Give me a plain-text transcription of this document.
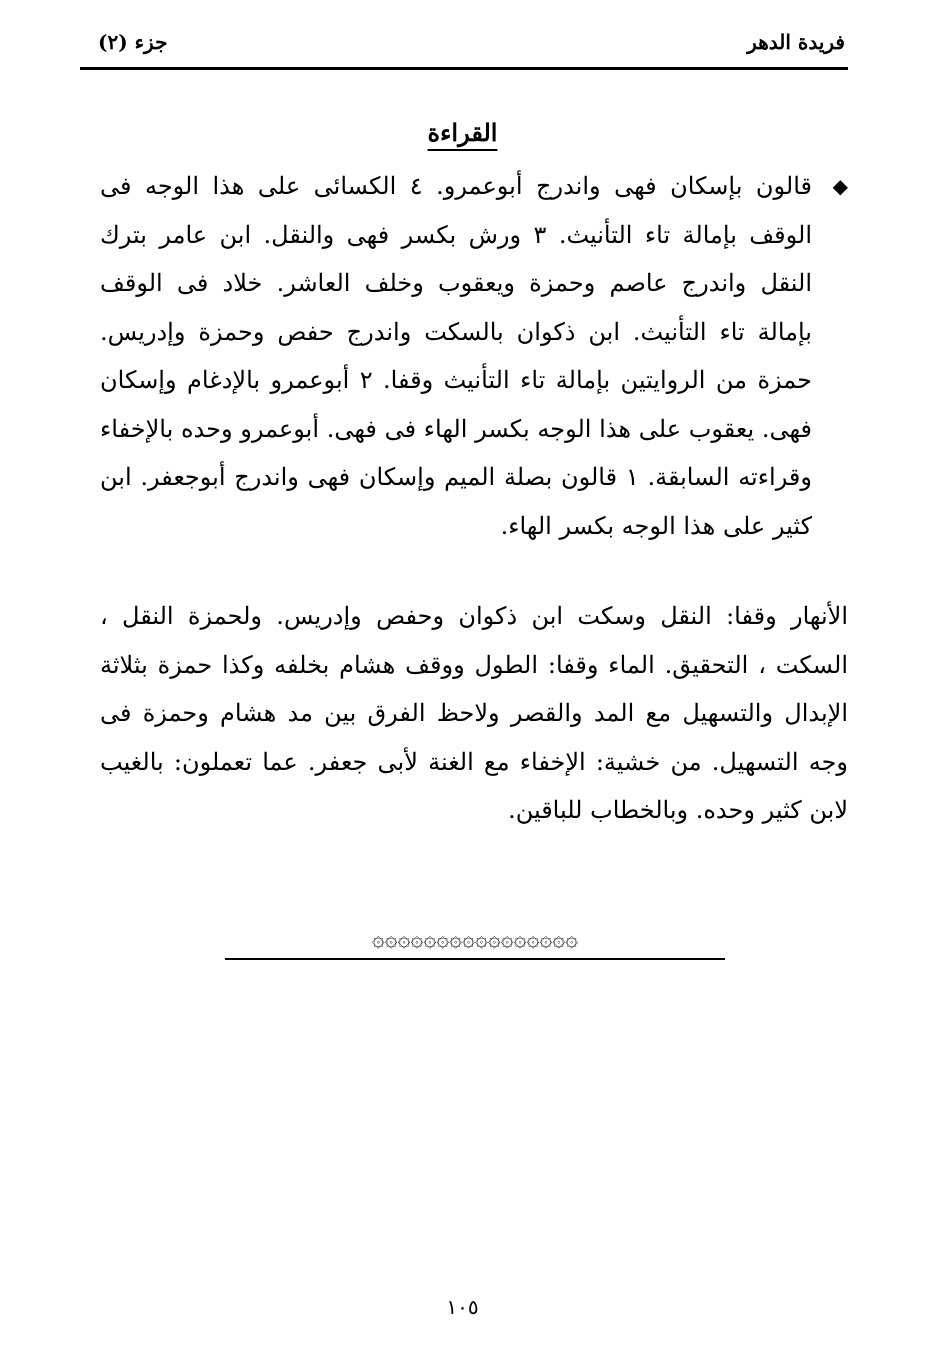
فريدة الدهر
جزء (٢)
القراءة
◆
قالون بإسكان فهى واندرج أبوعمرو. ٤ الكسائى على هذا الوجه فى الوقف بإمالة تاء التأنيث. ٣ ورش بكسر فهى والنقل. ابن عامر بترك النقل واندرج عاصم وحمزة ويعقوب وخلف العاشر. خلاد فى الوقف بإمالة تاء التأنيث. ابن ذكوان بالسكت واندرج حفص وحمزة وإدريس. حمزة من الروايتين بإمالة تاء التأنيث وقفا. ٢ أبوعمرو بالإدغام وإسكان فهى. يعقوب على هذا الوجه بكسر الهاء فى فهى. أبوعمرو وحده بالإخفاء وقراءته السابقة. ١ قالون بصلة الميم وإسكان فهى واندرج أبوجعفر. ابن كثير على هذا الوجه بكسر الهاء.
الأنهار وقفا: النقل وسكت ابن ذكوان وحفص وإدريس. ولحمزة النقل ، السكت ، التحقيق. الماء وقفا: الطول ووقف هشام بخلفه وكذا حمزة بثلاثة الإبدال والتسهيل مع المد والقصر ولاحظ الفرق بين مد هشام وحمزة فى وجه التسهيل. من خشية: الإخفاء مع الغنة لأبى جعفر. عما تعملون: بالغيب لابن كثير وحده. وبالخطاب للباقين.
۞۞۞۞۞۞۞۞۞۞۞۞۞۞۞۞
١٠٥
